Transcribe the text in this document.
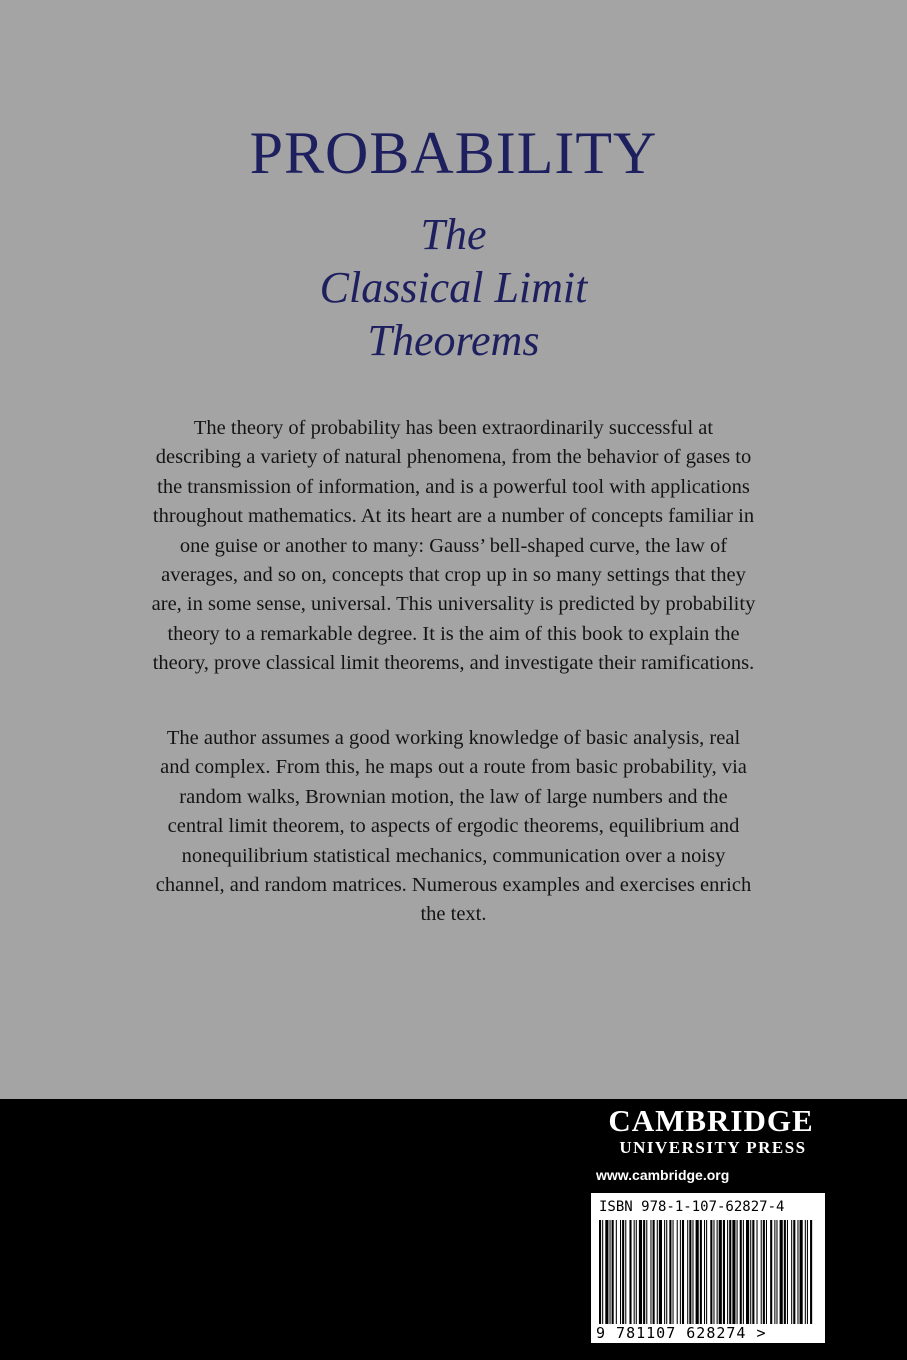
PROBABILITY
The
Classical Limit
Theorems

The theory of probability has been extraordinarily successful at describing a variety of natural phenomena, from the behavior of gases to the transmission of information, and is a powerful tool with applications throughout mathematics. At its heart are a number of concepts familiar in one guise or another to many: Gauss’ bell-shaped curve, the law of averages, and so on, concepts that crop up in so many settings that they are, in some sense, universal. This universality is predicted by probability theory to a remarkable degree. It is the aim of this book to explain the theory, prove classical limit theorems, and investigate their ramifications.

The author assumes a good working knowledge of basic analysis, real and complex. From this, he maps out a route from basic probability, via random walks, Brownian motion, the law of large numbers and the central limit theorem, to aspects of ergodic theorems, equilibrium and nonequilibrium statistical mechanics, communication over a noisy channel, and random matrices. Numerous examples and exercises enrich the text.

CAMBRIDGE
UNIVERSITY PRESS
www.cambridge.org
ISBN 978-1-107-62827-4
9 781107 628274 >
